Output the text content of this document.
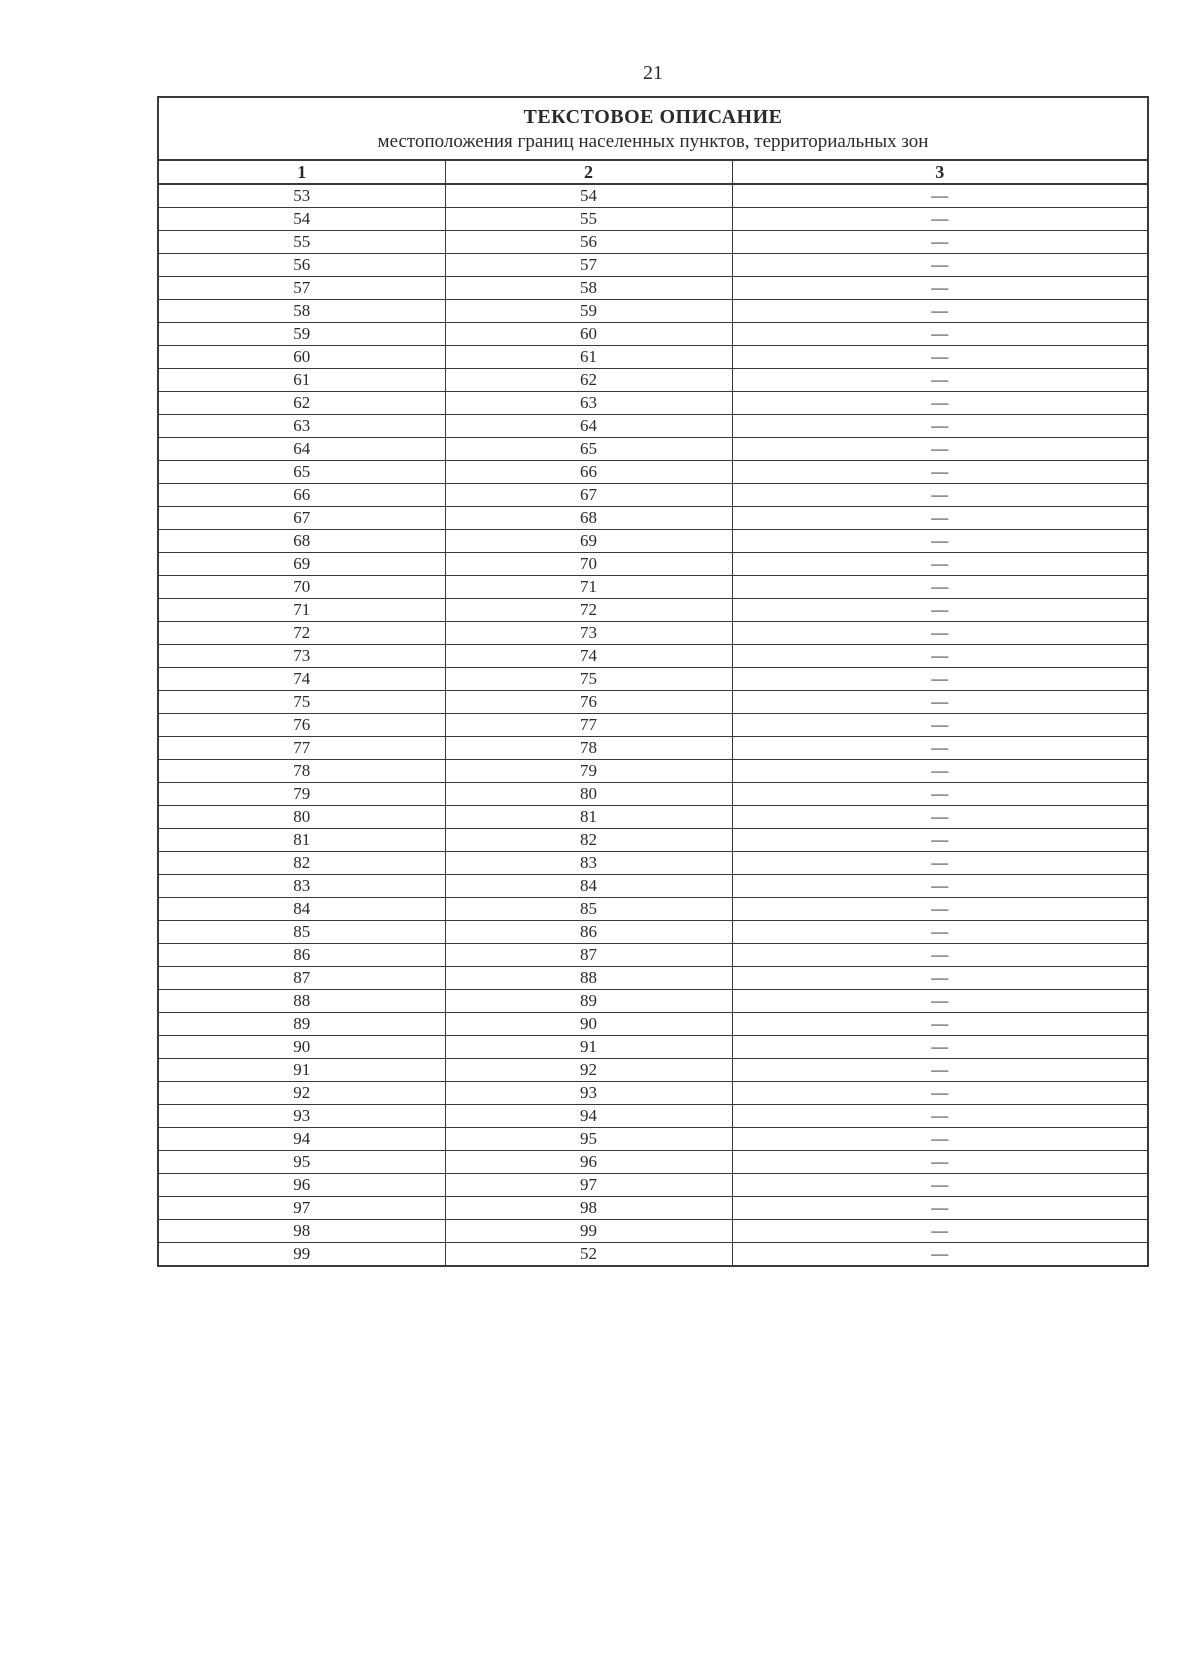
21
ТЕКСТОВОЕ ОПИСАНИЕ
местоположения границ населенных пунктов, территориальных зон		

1	2	3
53	54	—
54	55	—
55	56	—
56	57	—
57	58	—
58	59	—
59	60	—
60	61	—
61	62	—
62	63	—
63	64	—
64	65	—
65	66	—
66	67	—
67	68	—
68	69	—
69	70	—
70	71	—
71	72	—
72	73	—
73	74	—
74	75	—
75	76	—
76	77	—
77	78	—
78	79	—
79	80	—
80	81	—
81	82	—
82	83	—
83	84	—
84	85	—
85	86	—
86	87	—
87	88	—
88	89	—
89	90	—
90	91	—
91	92	—
92	93	—
93	94	—
94	95	—
95	96	—
96	97	—
97	98	—
98	99	—
99	52	—
